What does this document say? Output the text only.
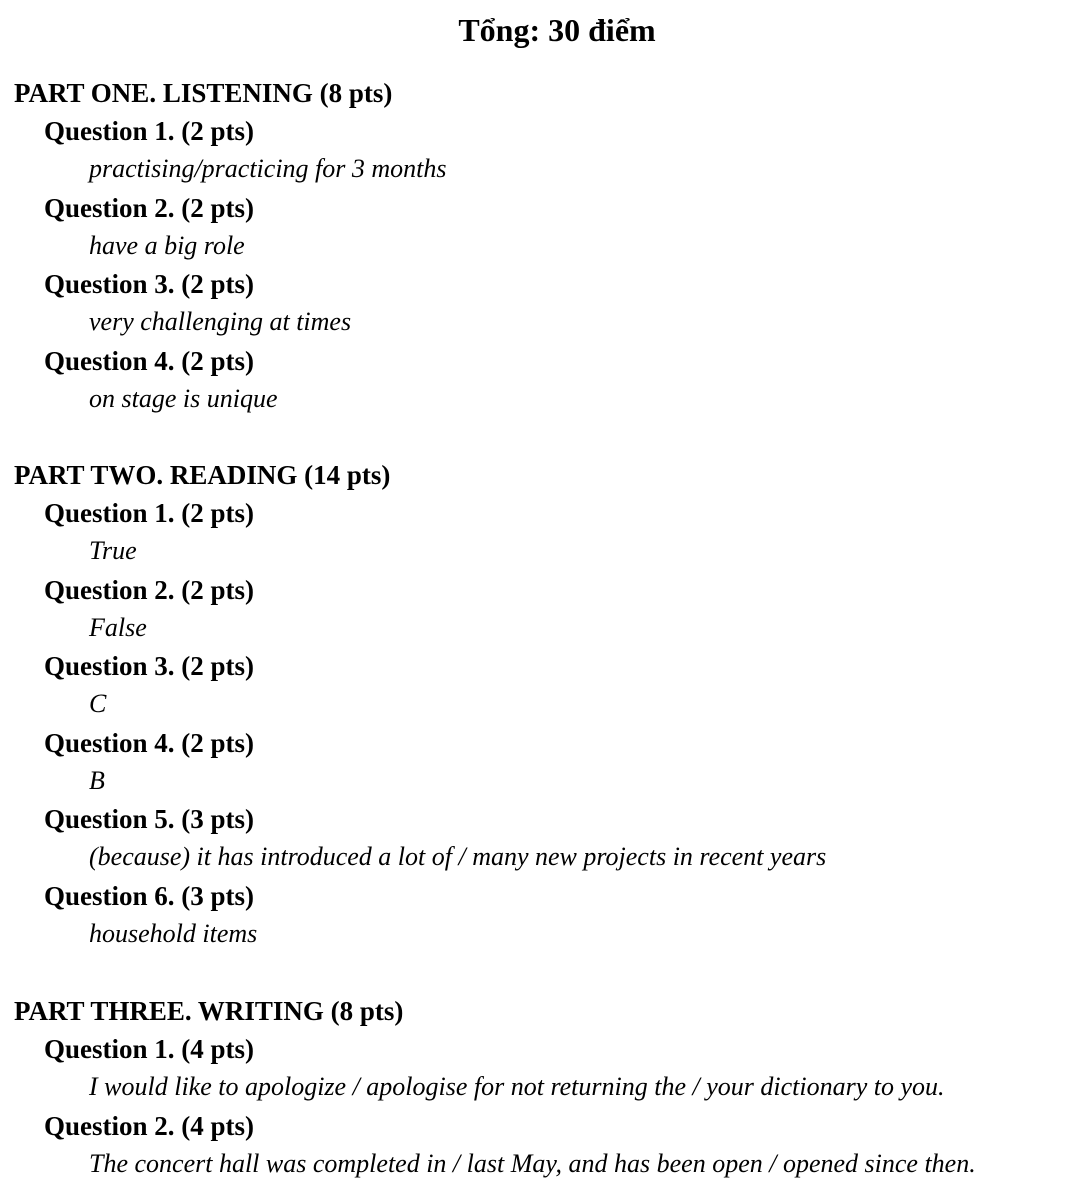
Tổng: 30 điểm
PART ONE. LISTENING (8 pts)
Question 1. (2 pts)
practising/practicing for 3 months
Question 2. (2 pts)
have a big role
Question 3. (2 pts)
very challenging at times
Question 4. (2 pts)
on stage is unique
PART TWO. READING (14 pts)
Question 1. (2 pts)
True
Question 2. (2 pts)
False
Question 3. (2 pts)
C
Question 4. (2 pts)
B
Question 5. (3 pts)
(because) it has introduced a lot of / many new projects in recent years
Question 6. (3 pts)
household items
PART THREE. WRITING (8 pts)
Question 1. (4 pts)
I would like to apologize / apologise for not returning the / your dictionary to you.
Question 2. (4 pts)
The concert hall was completed in / last May, and has been open / opened since then.
